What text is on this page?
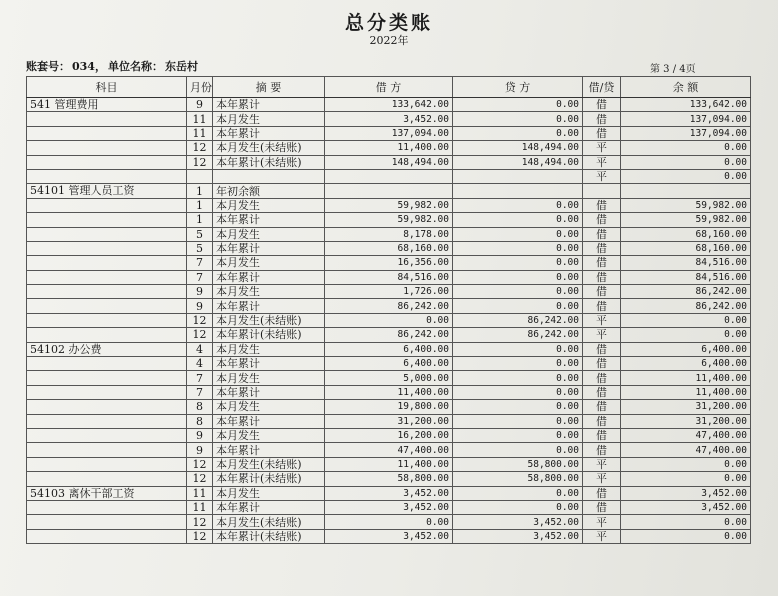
总分类账
2022年
账套号： 034， 单位名称： 东岳村	第 3 / 4页
科目	月份	摘 要	借 方	贷 方	借/贷	余 额
541 管理费用	9	本年累计	133,642.00	0.00	借	133,642.00
	11	本月发生	3,452.00	0.00	借	137,094.00
	11	本年累计	137,094.00	0.00	借	137,094.00
	12	本月发生(未结账)	11,400.00	148,494.00	平	0.00
	12	本年累计(未结账)	148,494.00	148,494.00	平	0.00
					平	0.00
54101 管理人员工资	1	年初余额				
	1	本月发生	59,982.00	0.00	借	59,982.00
	1	本年累计	59,982.00	0.00	借	59,982.00
	5	本月发生	8,178.00	0.00	借	68,160.00
	5	本年累计	68,160.00	0.00	借	68,160.00
	7	本月发生	16,356.00	0.00	借	84,516.00
	7	本年累计	84,516.00	0.00	借	84,516.00
	9	本月发生	1,726.00	0.00	借	86,242.00
	9	本年累计	86,242.00	0.00	借	86,242.00
	12	本月发生(未结账)	0.00	86,242.00	平	0.00
	12	本年累计(未结账)	86,242.00	86,242.00	平	0.00
54102 办公费	4	本月发生	6,400.00	0.00	借	6,400.00
	4	本年累计	6,400.00	0.00	借	6,400.00
	7	本月发生	5,000.00	0.00	借	11,400.00
	7	本年累计	11,400.00	0.00	借	11,400.00
	8	本月发生	19,800.00	0.00	借	31,200.00
	8	本年累计	31,200.00	0.00	借	31,200.00
	9	本月发生	16,200.00	0.00	借	47,400.00
	9	本年累计	47,400.00	0.00	借	47,400.00
	12	本月发生(未结账)	11,400.00	58,800.00	平	0.00
	12	本年累计(未结账)	58,800.00	58,800.00	平	0.00
54103 离休干部工资	11	本月发生	3,452.00	0.00	借	3,452.00
	11	本年累计	3,452.00	0.00	借	3,452.00
	12	本月发生(未结账)	0.00	3,452.00	平	0.00
	12	本年累计(未结账)	3,452.00	3,452.00	平	0.00
